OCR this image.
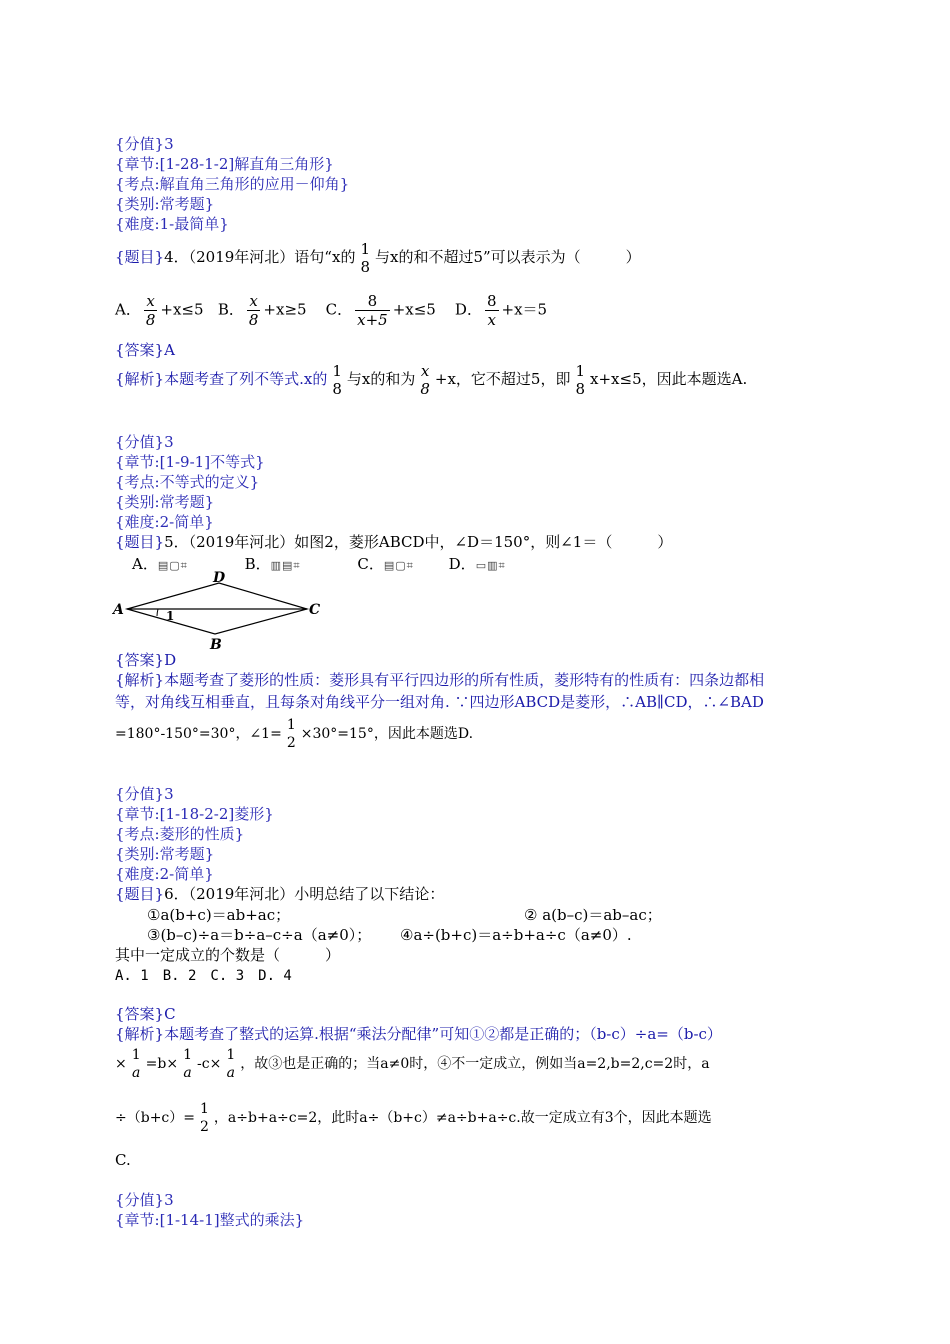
{分值}3
{章节:[1-28-1-2]解直角三角形}
{考点:解直角三角形的应用－仰角}
{类别:常考题}
{难度:1-最简单}
{题目}4．（2019年河北）语句“x的 1
8
与x的和不超过5”可以表示为（　　　）
A． $\frac{x}{8} +x\le 5$ B． $\frac{x}{8} +x\ge 5$ C． $\frac{8}{x+5} +x\le 5$ D． $\frac{8}{x} +x=5$
{答案}A
{解析}本题考查了列不等式.x的 1
8
与x的和为 x
8
+x，它不超过5，即 1
8
x+x≤5，因此本题选A.
{分值}3
{章节:[1-9-1]不等式}
{考点:不等式的定义}
{类别:常考题}
{难度:2-简单}
{题目}5．（2019年河北）如图2，菱形ABCD中，∠D＝150°，则∠1＝（　　　）
A．▤▢⌗	B．▥▤⌗	C．▤▢⌗ D．▭▥⌗
D
A	C
B
1
{答案}D
{解析}本题考查了菱形的性质：菱形具有平行四边形的所有性质，菱形特有的性质有：四条边都相
等，对角线互相垂直，且每条对角线平分一组对角. ∵四边形ABCD是菱形，∴AB∥CD，∴∠BAD
=180°-150°=30°，∠1=
1
2
×30°=15°，因此本题选D.
{分值}3
{章节:[1-18-2-2]菱形}
{考点:菱形的性质}
{类别:常考题}
{难度:2-简单}
{题目}6．（2019年河北）小明总结了以下结论：
①a(b+c)＝ab+ac；	② a(b–c)＝ab–ac；
③(b–c)÷a＝b÷a–c÷a（a≠0）； ④a÷(b+c)＝a÷b+a÷c（a≠0）.
其中一定成立的个数是（　　　）
A. 1　B. 2　C. 3　D. 4
{答案}C
{解析}本题考查了整式的运算.根据“乘法分配律”可知①②都是正确的；（b-c）÷a=（b-c）
×
1
a
=b×
1
a
-c×
1
a
，故③也是正确的；当a≠0时，④不一定成立，例如当a=2,b=2,c=2时，a
÷（b+c）=
1
2
，a÷b+a÷c=2，此时a÷（b+c）≠a÷b+a÷c.故一定成立有3个，因此本题选
C.
{分值}3
{章节:[1-14-1]整式的乘法}
